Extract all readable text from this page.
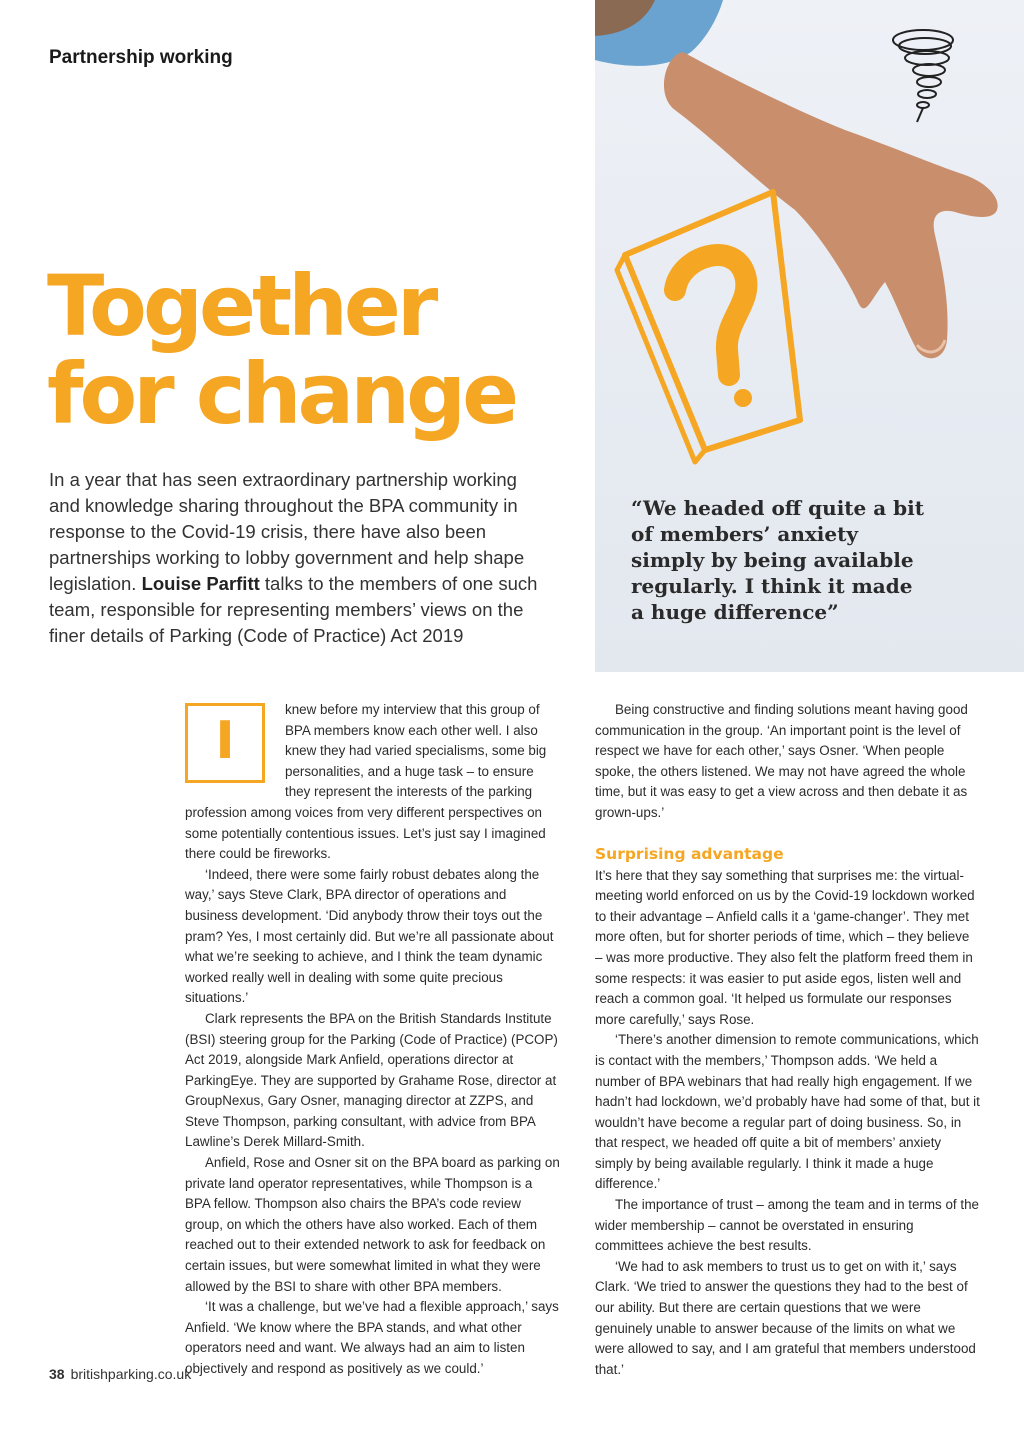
Partnership working
Together
for change

In a year that has seen extraordinary partnership working and knowledge sharing throughout the BPA community in response to the Covid-19 crisis, there have also been partnerships working to lobby government and help shape legislation. Louise Parfitt talks to the members of one such team, responsible for representing members’ views on the finer details of Parking (Code of Practice) Act 2019

“We headed off quite a bit of members’ anxiety simply by being available regularly. I think it made a huge difference”

I

knew before my interview that this group of BPA members know each other well. I also knew they had varied specialisms, some big personalities, and a huge task – to ensure they represent the interests of the parking profession among voices from very different perspectives on some potentially contentious issues. Let’s just say I imagined there could be fireworks.

‘Indeed, there were some fairly robust debates along the way,’ says Steve Clark, BPA director of operations and business development. ‘Did anybody throw their toys out the pram? Yes, I most certainly did. But we’re all passionate about what we’re seeking to achieve, and I think the team dynamic worked really well in dealing with some quite precious situations.’

Clark represents the BPA on the British Standards Institute (BSI) steering group for the Parking (Code of Practice) (PCOP) Act 2019, alongside Mark Anfield, operations director at ParkingEye. They are supported by Grahame Rose, director at GroupNexus, Gary Osner, managing director at ZZPS, and Steve Thompson, parking consultant, with advice from BPA Lawline’s Derek Millard-Smith.

Anfield, Rose and Osner sit on the BPA board as parking on private land operator representatives, while Thompson is a BPA fellow. Thompson also chairs the BPA’s code review group, on which the others have also worked. Each of them reached out to their extended network to ask for feedback on certain issues, but were somewhat limited in what they were allowed by the BSI to share with other BPA members.

‘It was a challenge, but we’ve had a flexible approach,’ says Anfield. ‘We know where the BPA stands, and what other operators need and want. We always had an aim to listen objectively and respond as positively as we could.’

Being constructive and finding solutions meant having good communication in the group. ‘An important point is the level of respect we have for each other,’ says Osner. ‘When people spoke, the others listened. We may not have agreed the whole time, but it was easy to get a view across and then debate it as grown-ups.’

Surprising advantage

It’s here that they say something that surprises me: the virtual-meeting world enforced on us by the Covid-19 lockdown worked to their advantage – Anfield calls it a ‘game-changer’. They met more often, but for shorter periods of time, which – they believe – was more productive. They also felt the platform freed them in some respects: it was easier to put aside egos, listen well and reach a common goal. ‘It helped us formulate our responses more carefully,’ says Rose.

‘There’s another dimension to remote communications, which is contact with the members,’ Thompson adds. ‘We held a number of BPA webinars that had really high engagement. If we hadn’t had lockdown, we’d probably have had some of that, but it wouldn’t have become a regular part of doing business. So, in that respect, we headed off quite a bit of members’ anxiety simply by being available regularly. I think it made a huge difference.’

The importance of trust – among the team and in terms of the wider membership – cannot be overstated in ensuring committees achieve the best results.

‘We had to ask members to trust us to get on with it,’ says Clark. ‘We tried to answer the questions they had to the best of our ability. But there are certain questions that we were genuinely unable to answer because of the limits on what we were allowed to say, and I am grateful that members understood that.’

38 britishparking.co.uk
